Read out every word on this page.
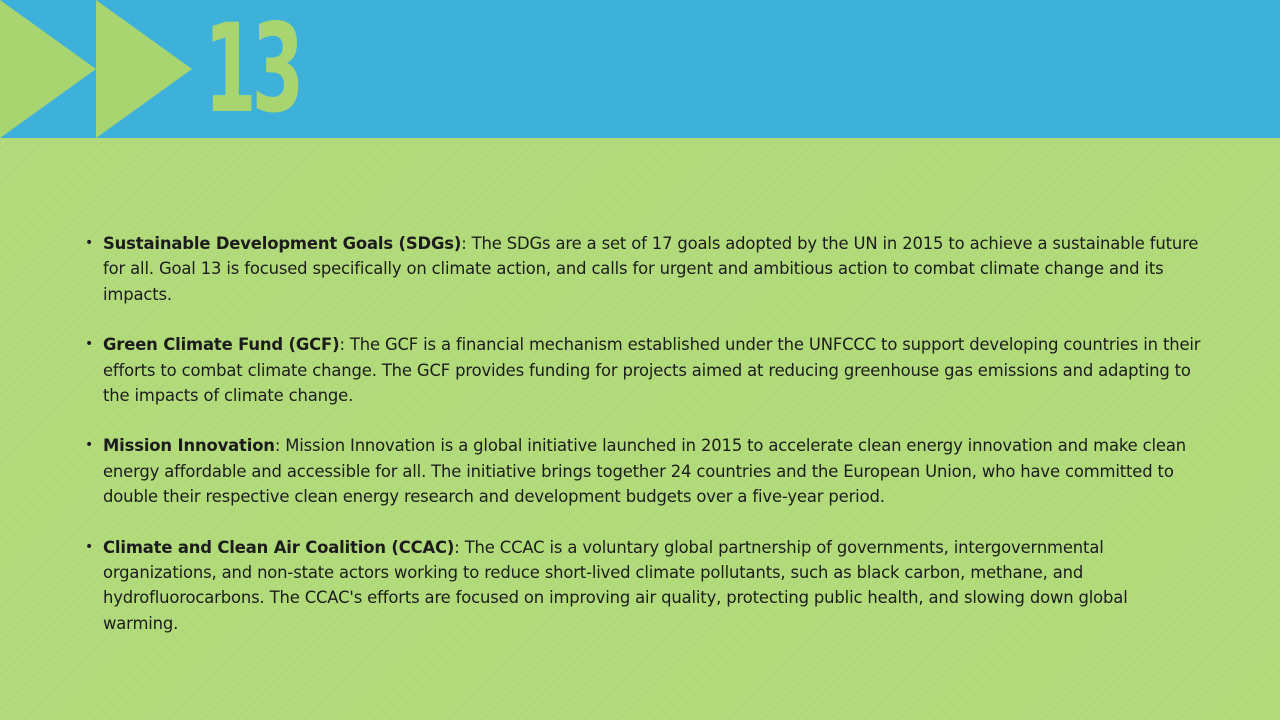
13
• Sustainable Development Goals (SDGs): The SDGs are a set of 17 goals adopted by the UN in 2015 to achieve a sustainable future for all. Goal 13 is focused specifically on climate action, and calls for urgent and ambitious action to combat climate change and its impacts.
• Green Climate Fund (GCF): The GCF is a financial mechanism established under the UNFCCC to support developing countries in their efforts to combat climate change. The GCF provides funding for projects aimed at reducing greenhouse gas emissions and adapting to the impacts of climate change.
• Mission Innovation: Mission Innovation is a global initiative launched in 2015 to accelerate clean energy innovation and make clean energy affordable and accessible for all. The initiative brings together 24 countries and the European Union, who have committed to double their respective clean energy research and development budgets over a five-year period.
• Climate and Clean Air Coalition (CCAC): The CCAC is a voluntary global partnership of governments, intergovernmental organizations, and non-state actors working to reduce short-lived climate pollutants, such as black carbon, methane, and hydrofluorocarbons. The CCAC's efforts are focused on improving air quality, protecting public health, and slowing down global warming.
